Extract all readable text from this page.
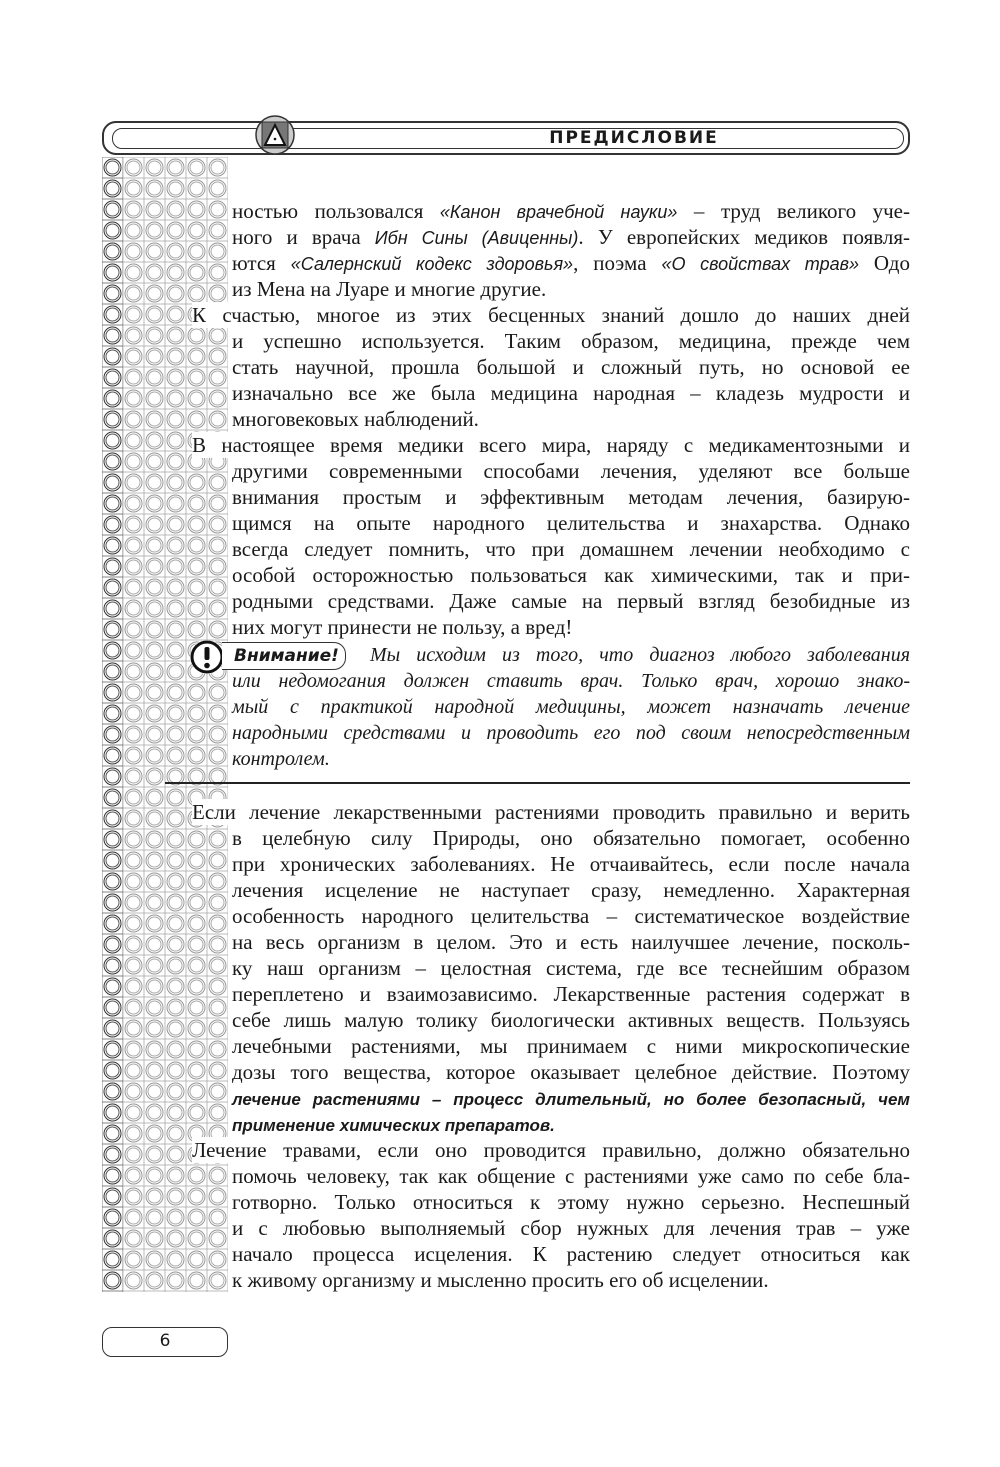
ПРЕДИСЛОВИЕ
ностью пользовался «Канон врачебной науки» – труд великого уче-
ного и врача Ибн Сины (Авиценны). У европейских медиков появля-
ются «Салернский кодекс здоровья», поэма «О свойствах трав» Одо
из Мена на Луаре и многие другие.
К счастью, многое из этих бесценных знаний дошло до наших дней
и успешно используется. Таким образом, медицина, прежде чем
стать научной, прошла большой и сложный путь, но основой ее
изначально все же была медицина народная – кладезь мудрости и
многовековых наблюдений.
В настоящее время медики всего мира, наряду с медикаментозными и
другими современными способами лечения, уделяют все больше
внимания простым и эффективным методам лечения, базирую-
щимся на опыте народного целительства и знахарства. Однако
всегда следует помнить, что при домашнем лечении необходимо с
особой осторожностью пользоваться как химическими, так и при-
родными средствами. Даже самые на первый взгляд безобидные из
них могут принести не пользу, а вред!
Если лечение лекарственными растениями проводить правильно и верить
в целебную силу Природы, оно обязательно помогает, особенно
при хронических заболеваниях. Не отчаивайтесь, если после начала
лечения исцеление не наступает сразу, немедленно. Характерная
особенность народного целительства – систематическое воздействие
на весь организм в целом. Это и есть наилучшее лечение, посколь-
ку наш организм – целостная система, где все теснейшим образом
переплетено и взаимозависимо. Лекарственные растения содержат в
себе лишь малую толику биологически активных веществ. Пользуясь
лечебными растениями, мы принимаем с ними микроскопические
дозы того вещества, которое оказывает целебное действие. Поэтому
лечение растениями – процесс длительный, но более безопасный, чем
применение химических препаратов.
Лечение травами, если оно проводится правильно, должно обязательно
помочь человеку, так как общение с растениями уже само по себе бла-
готворно. Только относиться к этому нужно серьезно. Неспешный
и с любовью выполняемый сбор нужных для лечения трав – уже
начало процесса исцеления. К растению следует относиться как
к живому организму и мысленно просить его об исцелении.
Внимание!	Мы исходим из того, что диагноз любого заболевания
или недомогания должен ставить врач. Только врач, хорошо знако-
мый с практикой народной медицины, может назначать лечение
народными средствами и проводить его под своим непосредственным
контролем.
6
